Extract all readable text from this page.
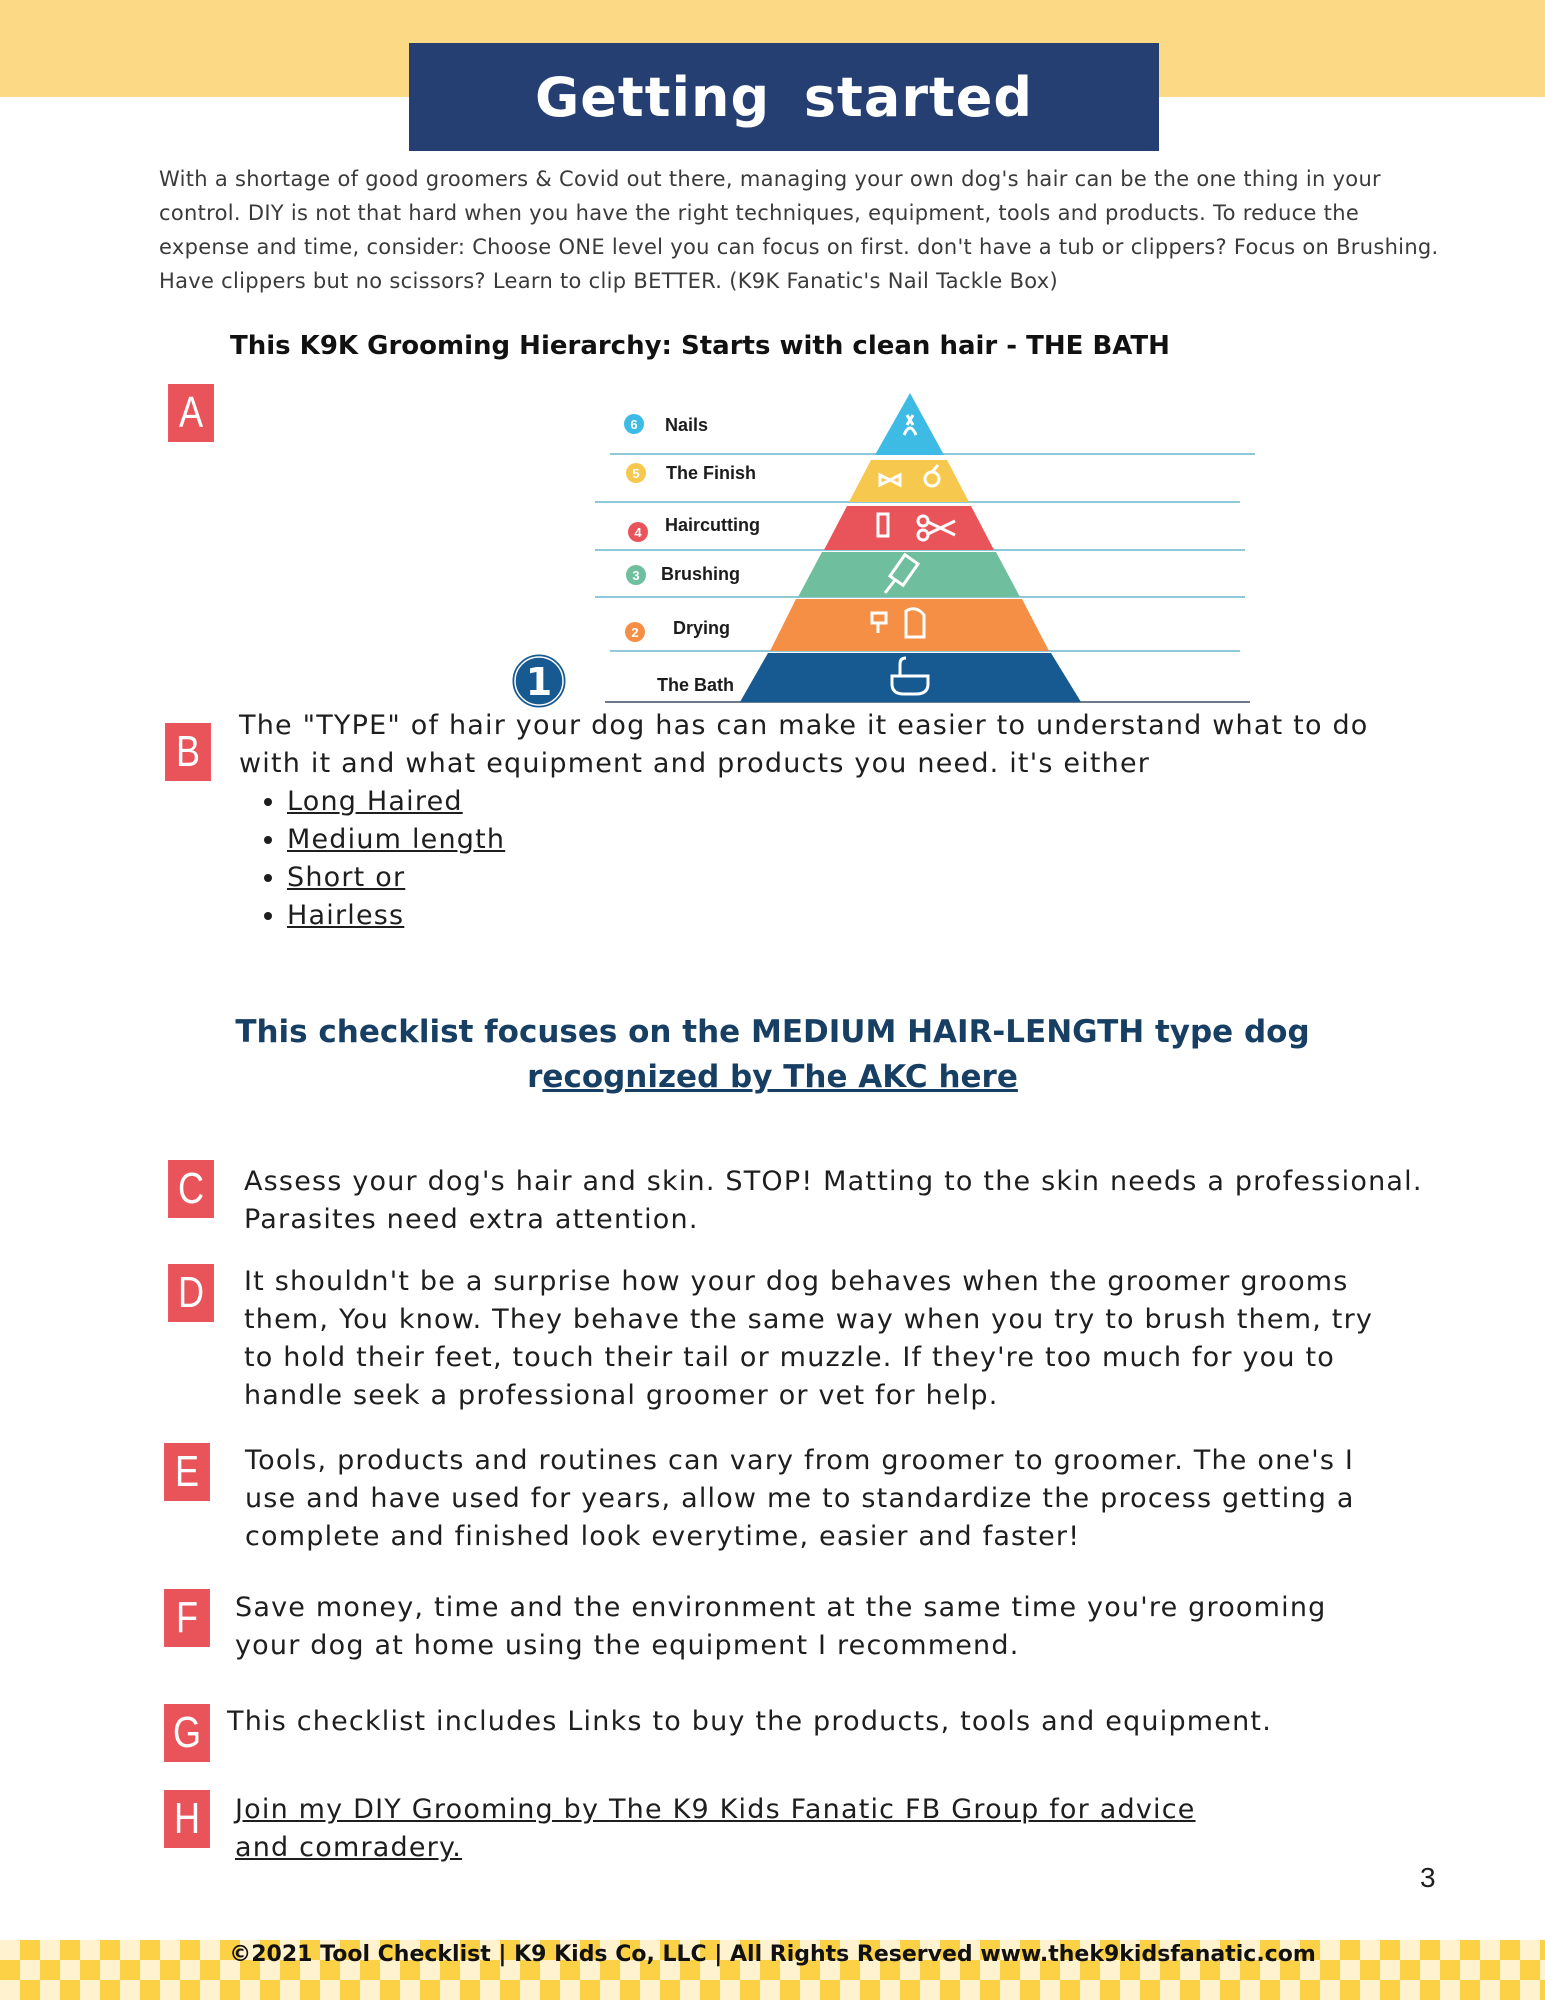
Getting started
With a shortage of good groomers & Covid out there, managing your own dog's hair can be the one thing in your control. DIY is not that hard when you have the right techniques, equipment, tools and products. To reduce the expense and time, consider: Choose ONE level you can focus on first. don't have a tub or clippers? Focus on Brushing. Have clippers but no scissors? Learn to clip BETTER. (K9K Fanatic's Nail Tackle Box)
This K9K Grooming Hierarchy: Starts with clean hair - THE BATH
A	6 Nails
5 The Finish
4 Haircutting
3 Brushing
2 Drying
The Bath
1
B
The "TYPE" of hair your dog has can make it easier to understand what to do with it and what equipment and products you need. it's either
• Long Haired
• Medium length
• Short or
• Hairless
This checklist focuses on the MEDIUM HAIR-LENGTH type dog
recognized by The AKC here
C	Assess your dog's hair and skin. STOP! Matting to the skin needs a professional. Parasites need extra attention.
D	It shouldn't be a surprise how your dog behaves when the groomer grooms them, You know. They behave the same way when you try to brush them, try to hold their feet, touch their tail or muzzle. If they're too much for you to handle seek a professional groomer or vet for help.
E	Tools, products and routines can vary from groomer to groomer. The one's I use and have used for years, allow me to standardize the process getting a complete and finished look everytime, easier and faster!
F	Save money, time and the environment at the same time you're grooming your dog at home using the equipment I recommend.
G This checklist includes Links to buy the products, tools and equipment.
H	Join my DIY Grooming by The K9 Kids Fanatic FB Group for advice and comradery.
3
©2021 Tool Checklist | K9 Kids Co, LLC | All Rights Reserved www.thek9kidsfanatic.com
